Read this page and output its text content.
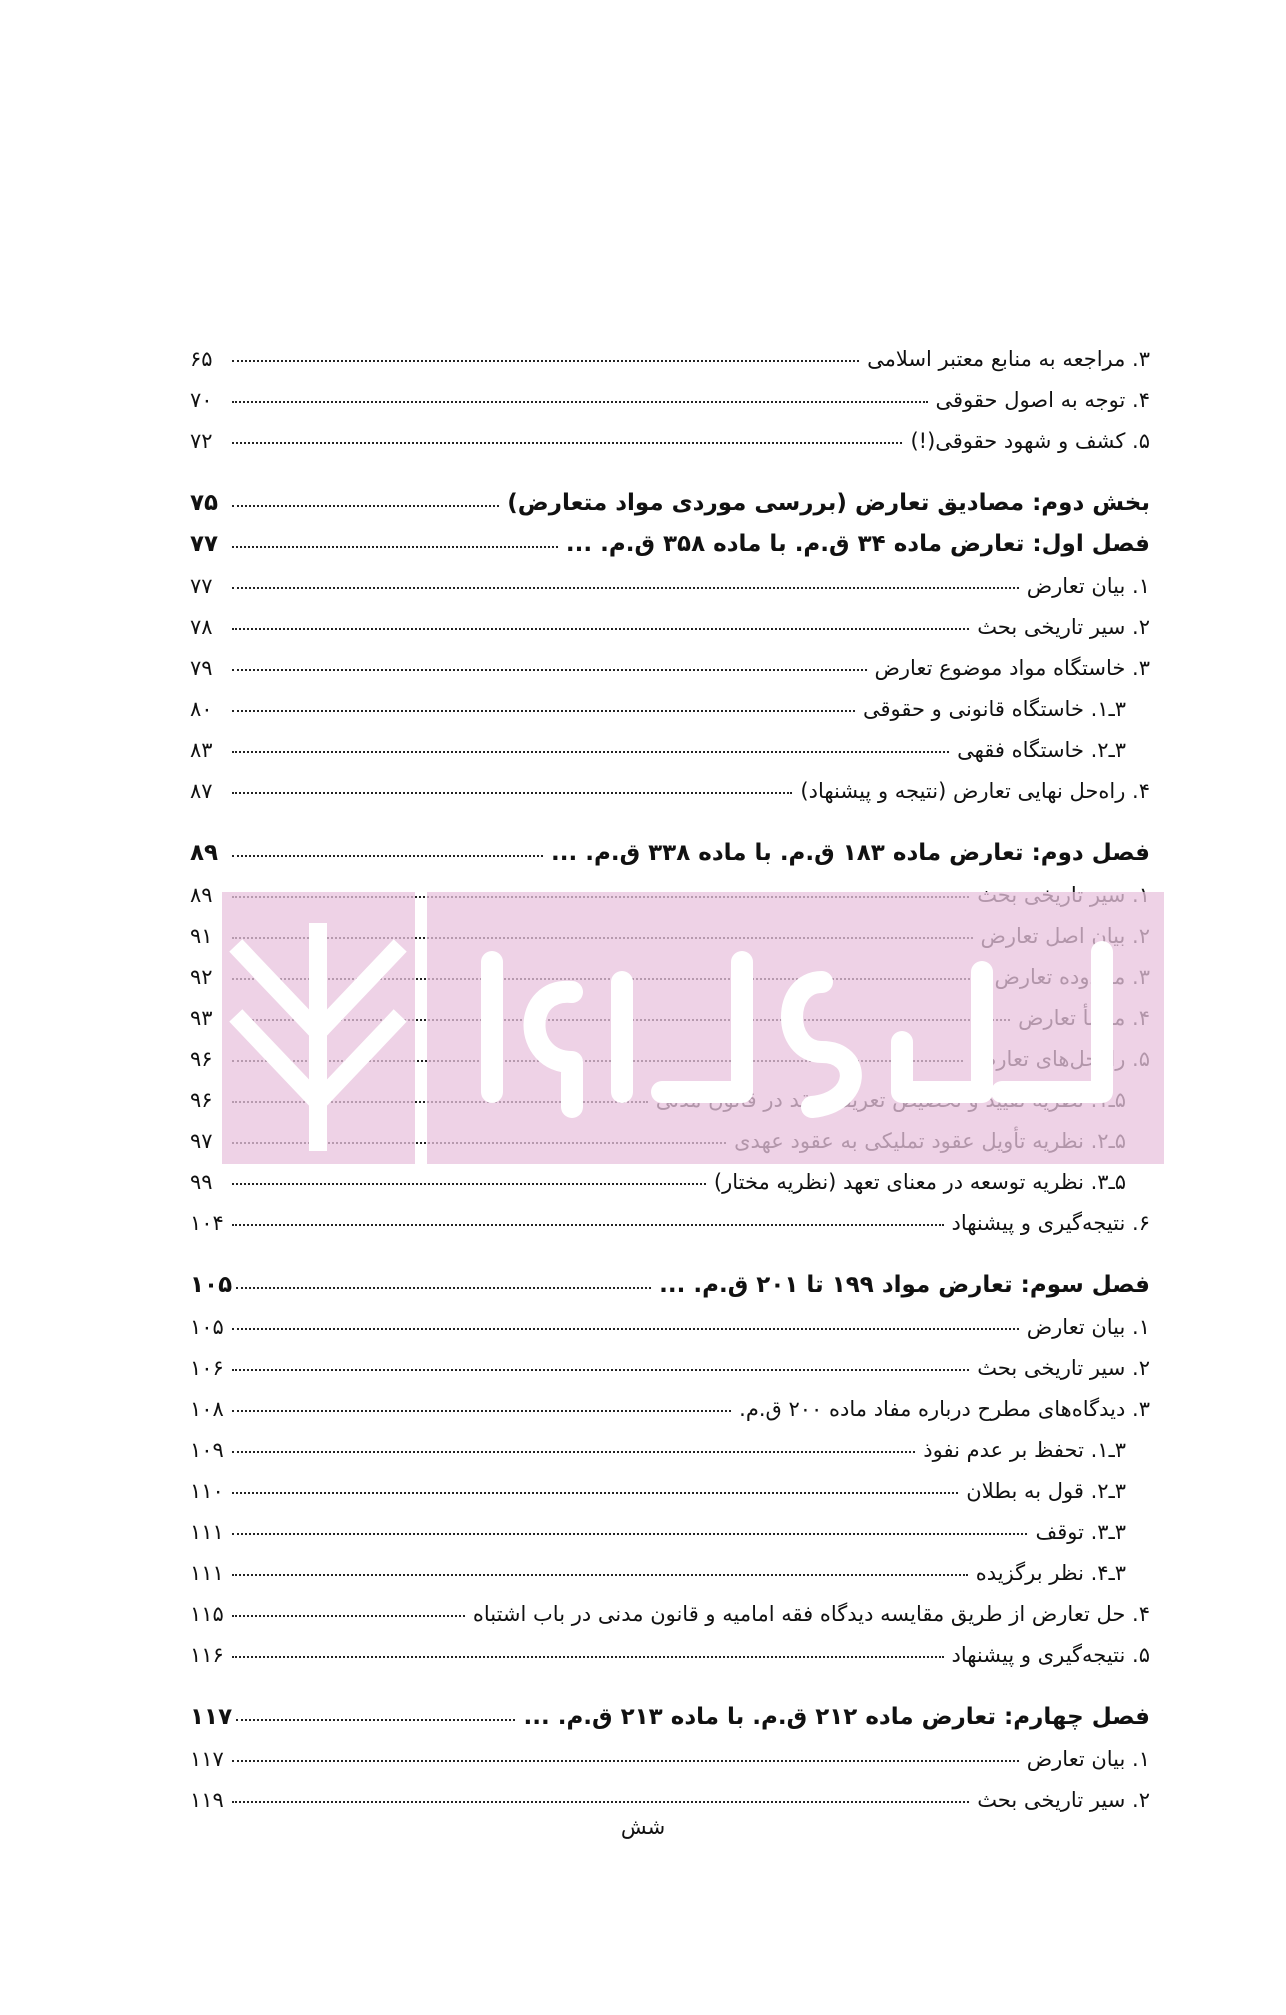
۳. مراجعه به منابع معتبر اسلامی
۶۵
۴. توجه به اصول حقوقی
۷۰
۵. کشف و شهود حقوقی(!)
۷۲
بخش دوم: مصادیق تعارض (بررسی موردی مواد متعارض)
۷۵
فصل اول: تعارض ماده ۳۴ ق.م. با ماده ۳۵۸ ق.م. ...
۷۷
۱. بیان تعارض
۷۷
۲. سیر تاریخی بحث
۷۸
۳. خاستگاه مواد موضوع تعارض
۷۹
۳ـ۱. خاستگاه قانونی و حقوقی
۸۰
۳ـ۲. خاستگاه فقهی
۸۳
۴. راه‌حل نهایی تعارض (نتیجه و پیشنهاد)
۸۷
فصل دوم: تعارض ماده ۱۸۳ ق.م. با ماده ۳۳۸ ق.م. ...
۸۹
۸۹
۹۱
۹۲
۹۳
۹۶
۹۶
۹۷
۵ـ۳. نظریه توسعه در معنای تعهد (نظریه مختار)
۹۹
۶. نتیجه‌گیری و پیشنهاد
۱۰۴
فصل سوم: تعارض مواد ۱۹۹ تا ۲۰۱ ق.م. ...
۱۰۵
۱. بیان تعارض
۱۰۵
۲. سیر تاریخی بحث
۱۰۶
۳. دیدگاه‌های مطرح درباره مفاد ماده ۲۰۰ ق.م.
۱۰۸
۳ـ۱. تحفظ بر عدم نفوذ
۱۰۹
۳ـ۲. قول به بطلان
۱۱۰
۳ـ۳. توقف
۱۱۱
۳ـ۴. نظر برگزیده
۱۱۱
۴. حل تعارض از طریق مقایسه دیدگاه فقه امامیه و قانون مدنی در باب اشتباه
۱۱۵
۵. نتیجه‌گیری و پیشنهاد
۱۱۶
فصل چهارم: تعارض ماده ۲۱۲ ق.م. با ماده ۲۱۳ ق.م. ...
۱۱۷
۱. بیان تعارض
۱۱۷
۲. سیر تاریخی بحث
۱۱۹
شش
